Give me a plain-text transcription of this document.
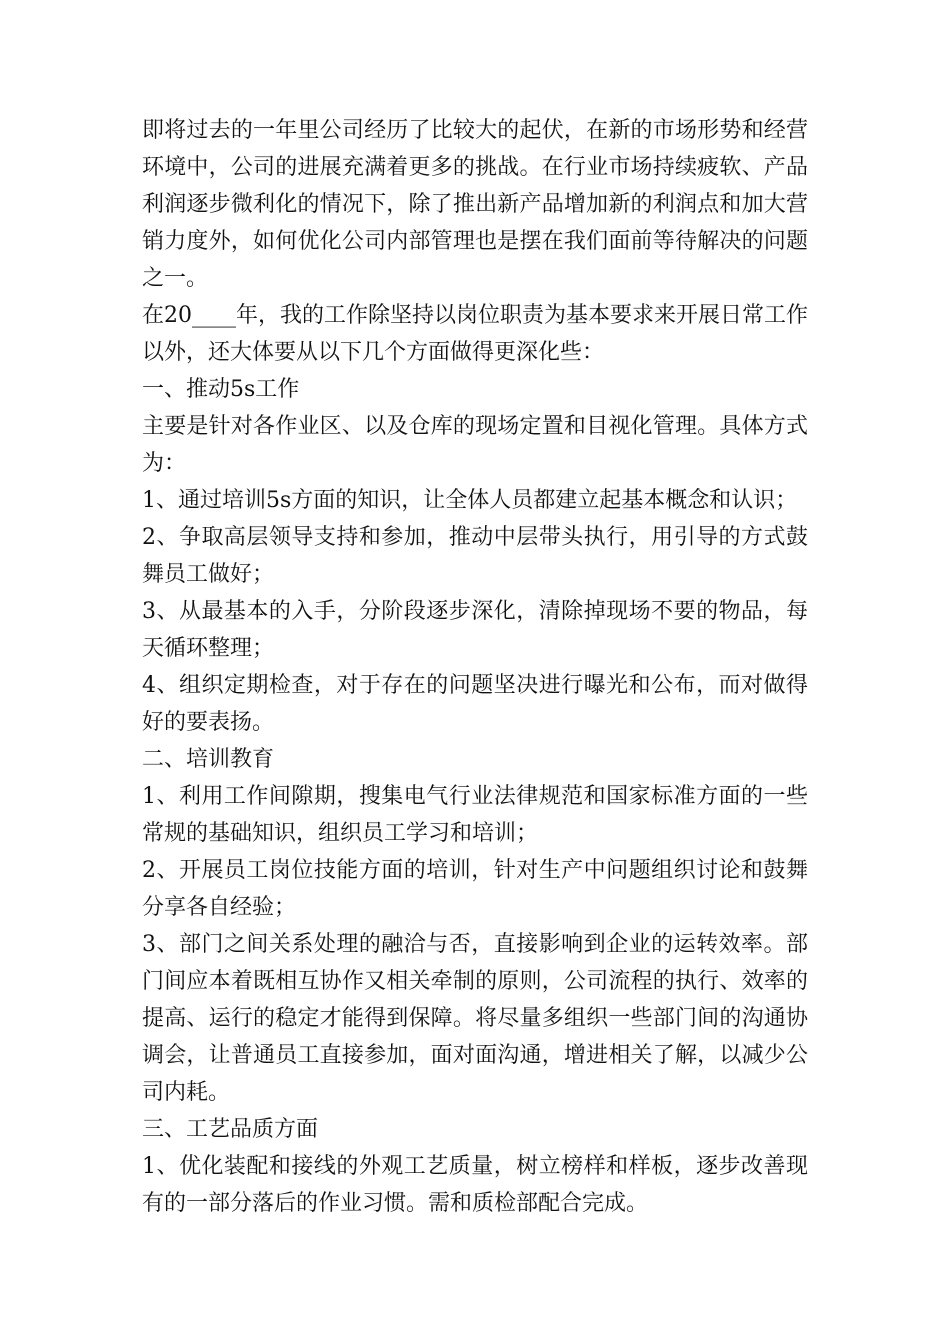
即将过去的一年里公司经历了比较大的起伏，在新的市场形势和经营环境中，公司的进展充满着更多的挑战。在行业市场持续疲软、产品利润逐步微利化的情况下，除了推出新产品增加新的利润点和加大营销力度外，如何优化公司内部管理也是摆在我们面前等待解决的问题之一。

在20____年，我的工作除坚持以岗位职责为基本要求来开展日常工作以外，还大体要从以下几个方面做得更深化些：

一、推动5s工作

主要是针对各作业区、以及仓库的现场定置和目视化管理。具体方式为：

1、通过培训5s方面的知识，让全体人员都建立起基本概念和认识；

2、争取高层领导支持和参加，推动中层带头执行，用引导的方式鼓舞员工做好；

3、从最基本的入手，分阶段逐步深化，清除掉现场不要的物品，每天循环整理；

4、组织定期检查，对于存在的问题坚决进行曝光和公布，而对做得好的要表扬。

二、培训教育

1、利用工作间隙期，搜集电气行业法律规范和国家标准方面的一些常规的基础知识，组织员工学习和培训；

2、开展员工岗位技能方面的培训，针对生产中问题组织讨论和鼓舞分享各自经验；

3、部门之间关系处理的融洽与否，直接影响到企业的运转效率。部门间应本着既相互协作又相关牵制的原则，公司流程的执行、效率的提高、运行的稳定才能得到保障。将尽量多组织一些部门间的沟通协调会，让普通员工直接参加，面对面沟通，增进相关了解，以减少公司内耗。

三、工艺品质方面

1、优化装配和接线的外观工艺质量，树立榜样和样板，逐步改善现有的一部分落后的作业习惯。需和质检部配合完成。
